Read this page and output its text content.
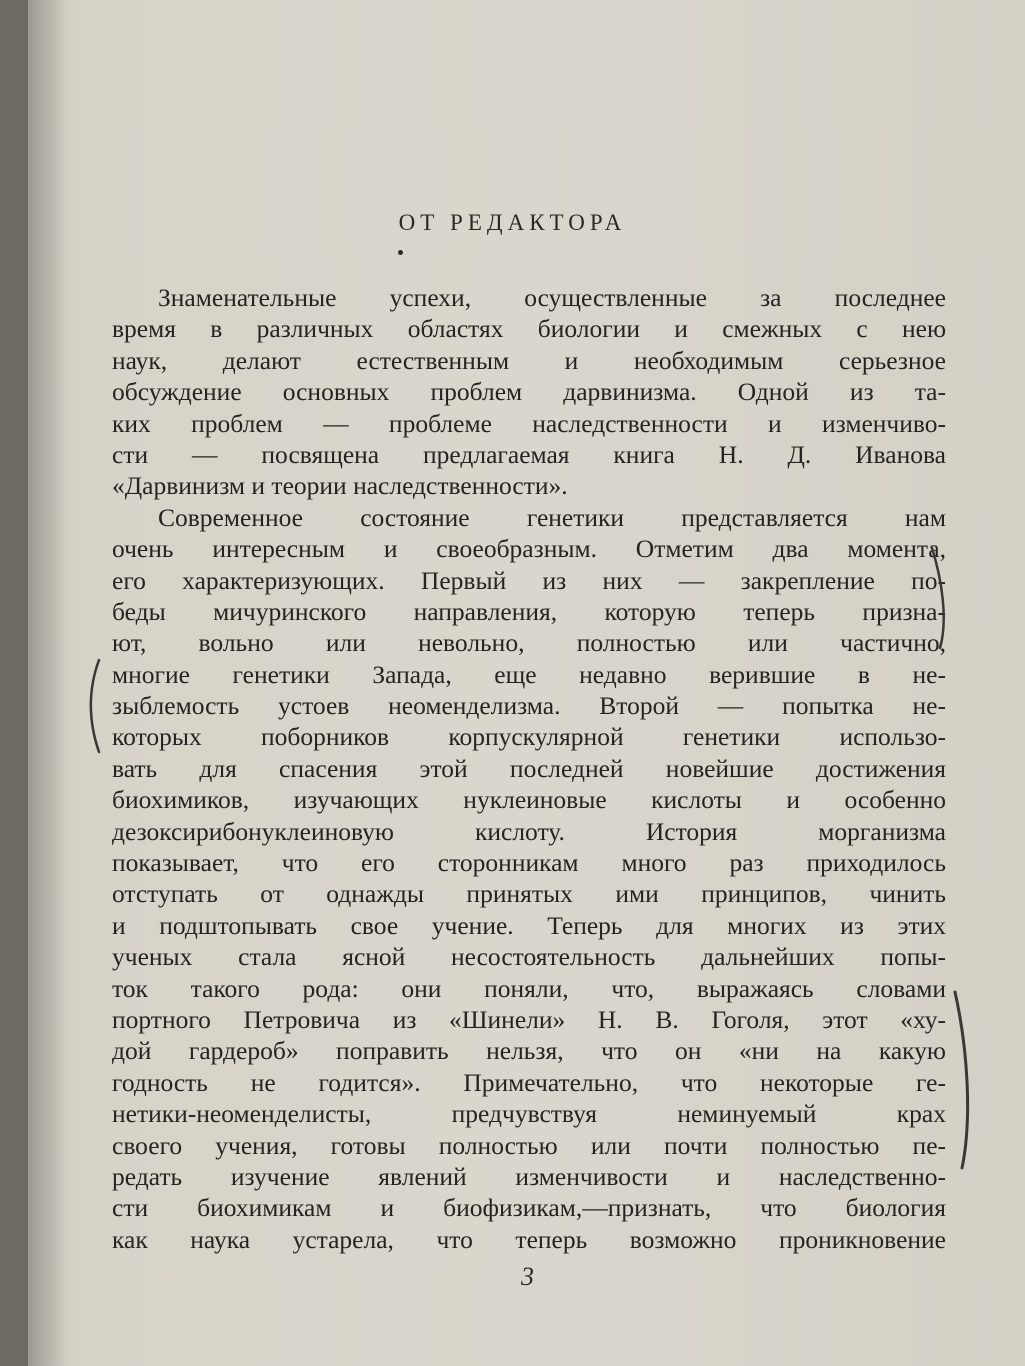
ОТ РЕДАКТОРА
Знаменательные успехи, осуществленные за последнее
время в различных областях биологии и смежных с нею
наук, делают естественным и необходимым серьезное
обсуждение основных проблем дарвинизма. Одной из та-
ких проблем — проблеме наследственности и изменчиво-
сти — посвящена предлагаемая книга Н. Д. Иванова
«Дарвинизм и теории наследственности».
Современное состояние генетики представляется нам
очень интересным и своеобразным. Отметим два момента,
его характеризующих. Первый из них — закрепление по-
беды мичуринского направления, которую теперь призна-
ют, вольно или невольно, полностью или частично,
многие генетики Запада, еще недавно верившие в не-
зыблемость устоев неоменделизма. Второй — попытка не-
которых поборников корпускулярной генетики использо-
вать для спасения этой последней новейшие достижения
биохимиков, изучающих нуклеиновые кислоты и особенно
дезоксирибонуклеиновую кислоту. История морганизма
показывает, что его сторонникам много раз приходилось
отступать от однажды принятых ими принципов, чинить
и подштопывать свое учение. Теперь для многих из этих
ученых стала ясной несостоятельность дальнейших попы-
ток такого рода: они поняли, что, выражаясь словами
портного Петровича из «Шинели» Н. В. Гоголя, этот «ху-
дой гардероб» поправить нельзя, что он «ни на какую
годность не годится». Примечательно, что некоторые ге-
нетики-неоменделисты, предчувствуя неминуемый крах
своего учения, готовы полностью или почти полностью пе-
редать изучение явлений изменчивости и наследственно-
сти биохимикам и биофизикам,—признать, что биология
как наука устарела, что теперь возможно проникновение
3
